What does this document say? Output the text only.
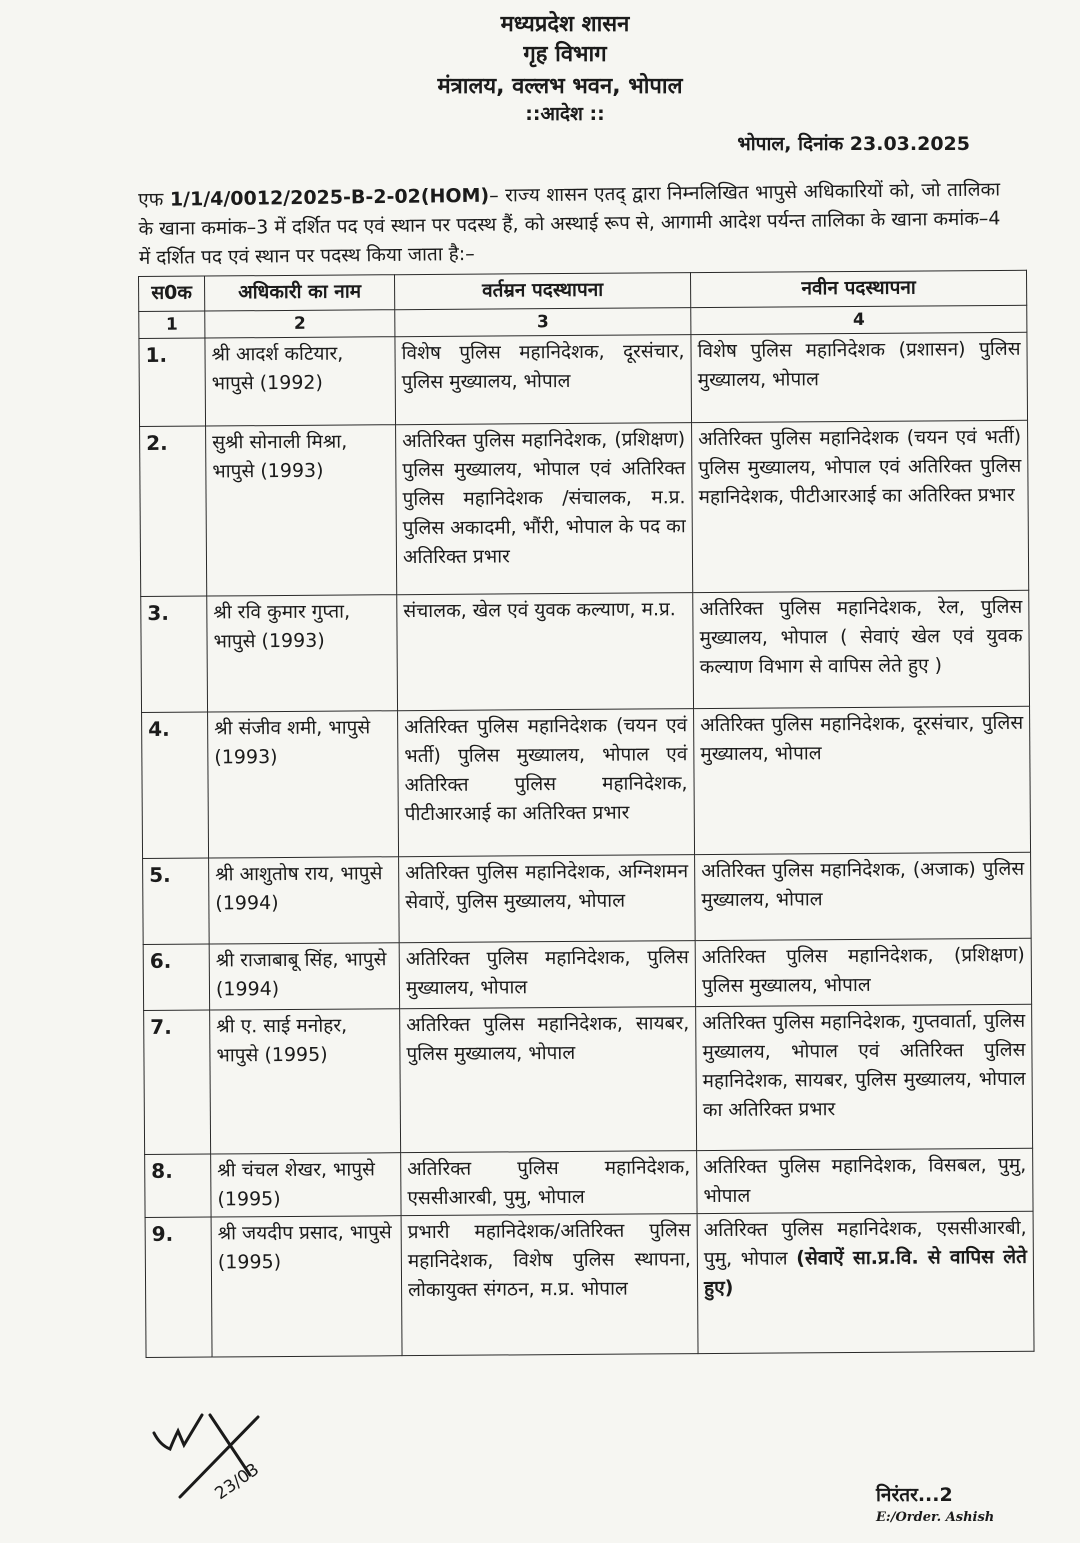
मध्यप्रदेश शासन
गृह विभाग
मंत्रालय, वल्लभ भवन, भोपाल
::आदेश ::
भोपाल, दिनांक 23.03.2025
एफ 1/1/4/0012/2025-B-2-02(HOM)– राज्य शासन एतद् द्वारा निम्नलिखित भापुसे अधिकारियों को, जो तालिका के खाना कमांक–3 में दर्शित पद एवं स्थान पर पदस्थ हैं, को अस्थाई रूप से, आगामी आदेश पर्यन्त तालिका के खाना कमांक–4 में दर्शित पद एवं स्थान पर पदस्थ किया जाता है:–
स0क	अधिकारी का नाम	वर्तम्रन पदस्थापना	नवीन पदस्थापना
1	2	3	4
1.	श्री आदर्श कटियार, भापुसे (1992)	विशेष पुलिस महानिदेशक, दूरसंचार, पुलिस मुख्यालय, भोपाल	विशेष पुलिस महानिदेशक (प्रशासन) पुलिस मुख्यालय, भोपाल
2.	सुश्री सोनाली मिश्रा, भापुसे (1993)	अतिरिक्त पुलिस महानिदेशक, (प्रशिक्षण) पुलिस मुख्यालय, भोपाल एवं अतिरिक्त पुलिस महानिदेशक /संचालक, म.प्र. पुलिस अकादमी, भौंरी, भोपाल के पद का अतिरिक्त प्रभार	अतिरिक्त पुलिस महानिदेशक (चयन एवं भर्ती) पुलिस मुख्यालय, भोपाल एवं अतिरिक्त पुलिस महानिदेशक, पीटीआरआई का अतिरिक्त प्रभार
3.	श्री रवि कुमार गुप्ता, भापुसे (1993)	संचालक, खेल एवं युवक कल्याण, म.प्र.	अतिरिक्त पुलिस महानिदेशक, रेल, पुलिस मुख्यालय, भोपाल ( सेवाएं खेल एवं युवक कल्याण विभाग से वापिस लेते हुए )
4.	श्री संजीव शमी, भापुसे (1993)	अतिरिक्त पुलिस महानिदेशक (चयन एवं भर्ती) पुलिस मुख्यालय, भोपाल एवं अतिरिक्त पुलिस महानिदेशक, पीटीआरआई का अतिरिक्त प्रभार	अतिरिक्त पुलिस महानिदेशक, दूरसंचार, पुलिस मुख्यालय, भोपाल
5.	श्री आशुतोष राय, भापुसे (1994)	अतिरिक्त पुलिस महानिदेशक, अग्निशमन सेवाऐं, पुलिस मुख्यालय, भोपाल	अतिरिक्त पुलिस महानिदेशक, (अजाक) पुलिस मुख्यालय, भोपाल
6.	श्री राजाबाबू सिंह, भापुसे (1994)	अतिरिक्त पुलिस महानिदेशक, पुलिस मुख्यालय, भोपाल	अतिरिक्त पुलिस महानिदेशक, (प्रशिक्षण) पुलिस मुख्यालय, भोपाल
7.	श्री ए. साई मनोहर, भापुसे (1995)	अतिरिक्त पुलिस महानिदेशक, सायबर, पुलिस मुख्यालय, भोपाल	अतिरिक्त पुलिस महानिदेशक, गुप्तवार्ता, पुलिस मुख्यालय, भोपाल एवं अतिरिक्त पुलिस महानिदेशक, सायबर, पुलिस मुख्यालय, भोपाल का अतिरिक्त प्रभार
8.	श्री चंचल शेखर, भापुसे (1995)	अतिरिक्त पुलिस महानिदेशक, एससीआरबी, पुमु, भोपाल	अतिरिक्त पुलिस महानिदेशक, विसबल, पुमु, भोपाल
9.	श्री जयदीप प्रसाद, भापुसे (1995)	प्रभारी महानिदेशक/अतिरिक्त पुलिस महानिदेशक, विशेष पुलिस स्थापना, लोकायुक्त संगठन, म.प्र. भोपाल	अतिरिक्त पुलिस महानिदेशक, एससीआरबी, पुमु, भोपाल (सेवाऐं सा.प्र.वि. से वापिस लेते हुए)
23/03	निरंतर...2
E:/Order. Ashish
